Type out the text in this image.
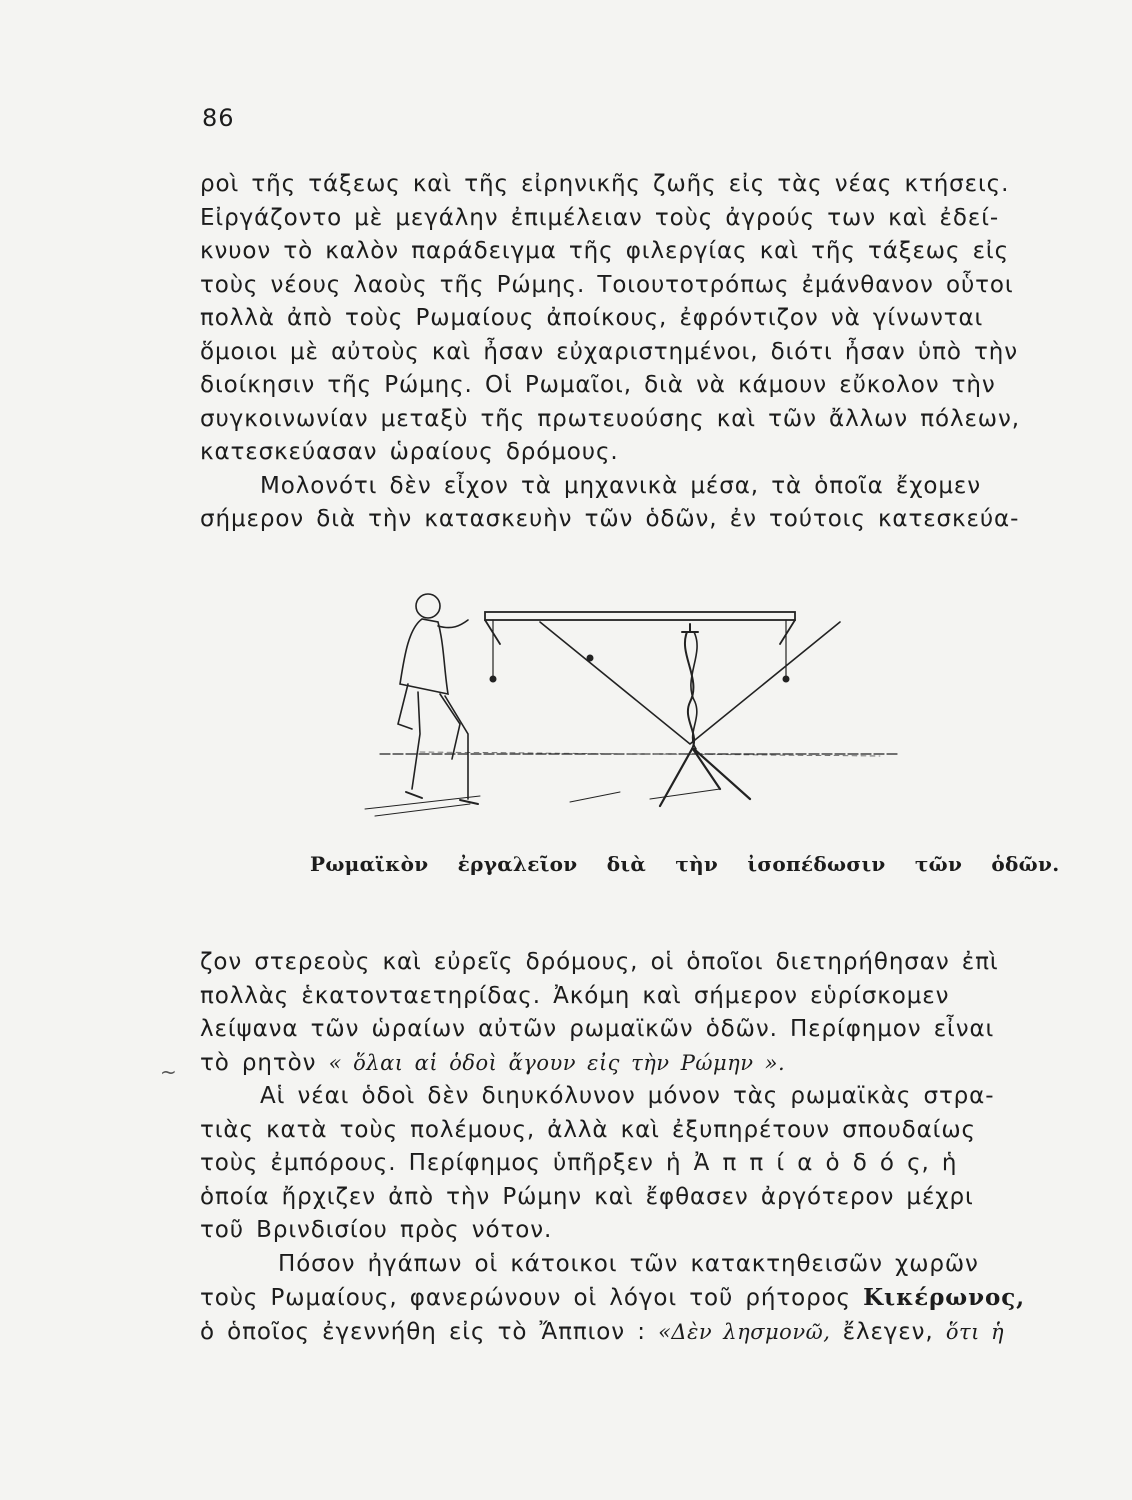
86
ροὶ τῆς τάξεως καὶ τῆς εἰρηνικῆς ζωῆς εἰς τὰς νέας κτήσεις.
Εἰργάζοντο μὲ μεγάλην ἐπιμέλειαν τοὺς ἀγρούς των καὶ ἐδεί-
κνυον τὸ καλὸν παράδειγμα τῆς φιλεργίας καὶ τῆς τάξεως εἰς
τοὺς νέους λαοὺς τῆς Ρώμης. Τοιουτοτρόπως ἐμάνθανον οὗτοι
πολλὰ ἀπὸ τοὺς Ρωμαίους ἀποίκους, ἐφρόντιζον νὰ γίνωνται
ὅμοιοι μὲ αὐτοὺς καὶ ἦσαν εὐχαριστημένοι, διότι ἦσαν ὑπὸ τὴν
διοίκησιν τῆς Ρώμης. Οἱ Ρωμαῖοι, διὰ νὰ κάμουν εὔκολον τὴν
συγκοινωνίαν μεταξὺ τῆς πρωτευούσης καὶ τῶν ἄλλων πόλεων,
κατεσκεύασαν ὡραίους δρόμους.
Μολονότι δὲν εἶχον τὰ μηχανικὰ μέσα, τὰ ὁποῖα ἔχομεν
σήμερον διὰ τὴν κατασκευὴν τῶν ὁδῶν, ἐν τούτοις κατεσκεύα-
Ρωμαϊκὸν ἐργαλεῖον διὰ τὴν ἰσοπέδωσιν τῶν ὁδῶν.
~
ζον στερεοὺς καὶ εὐρεῖς δρόμους, οἱ ὁποῖοι διετηρήθησαν ἐπὶ
πολλὰς ἑκατονταετηρίδας. Ἀκόμη καὶ σήμερον εὑρίσκομεν
λείψανα τῶν ὡραίων αὐτῶν ρωμαϊκῶν ὁδῶν. Περίφημον εἶναι
τὸ ρητὸν « ὅλαι αἱ ὁδοὶ ἄγουν εἰς τὴν Ρώμην ».
Αἱ νέαι ὁδοὶ δὲν διηυκόλυνον μόνον τὰς ρωμαϊκὰς στρα-
τιὰς κατὰ τοὺς πολέμους, ἀλλὰ καὶ ἐξυπηρέτουν σπουδαίως
τοὺς ἐμπόρους. Περίφημος ὑπῆρξεν ἡ Ἀ π π ί α ὁ δ ό ς, ἡ
ὁποία ἤρχιζεν ἀπὸ τὴν Ρώμην καὶ ἔφθασεν ἀργότερον μέχρι
τοῦ Βρινδισίου πρὸς νότον.
Πόσον ἠγάπων οἱ κάτοικοι τῶν κατακτηθεισῶν χωρῶν
τοὺς Ρωμαίους, φανερώνουν οἱ λόγοι τοῦ ρήτορος Κικέρωνος,
ὁ ὁποῖος ἐγεννήθη εἰς τὸ Ἄππιον : «Δὲν λησμονῶ, ἔλεγεν, ὅτι ἡ
